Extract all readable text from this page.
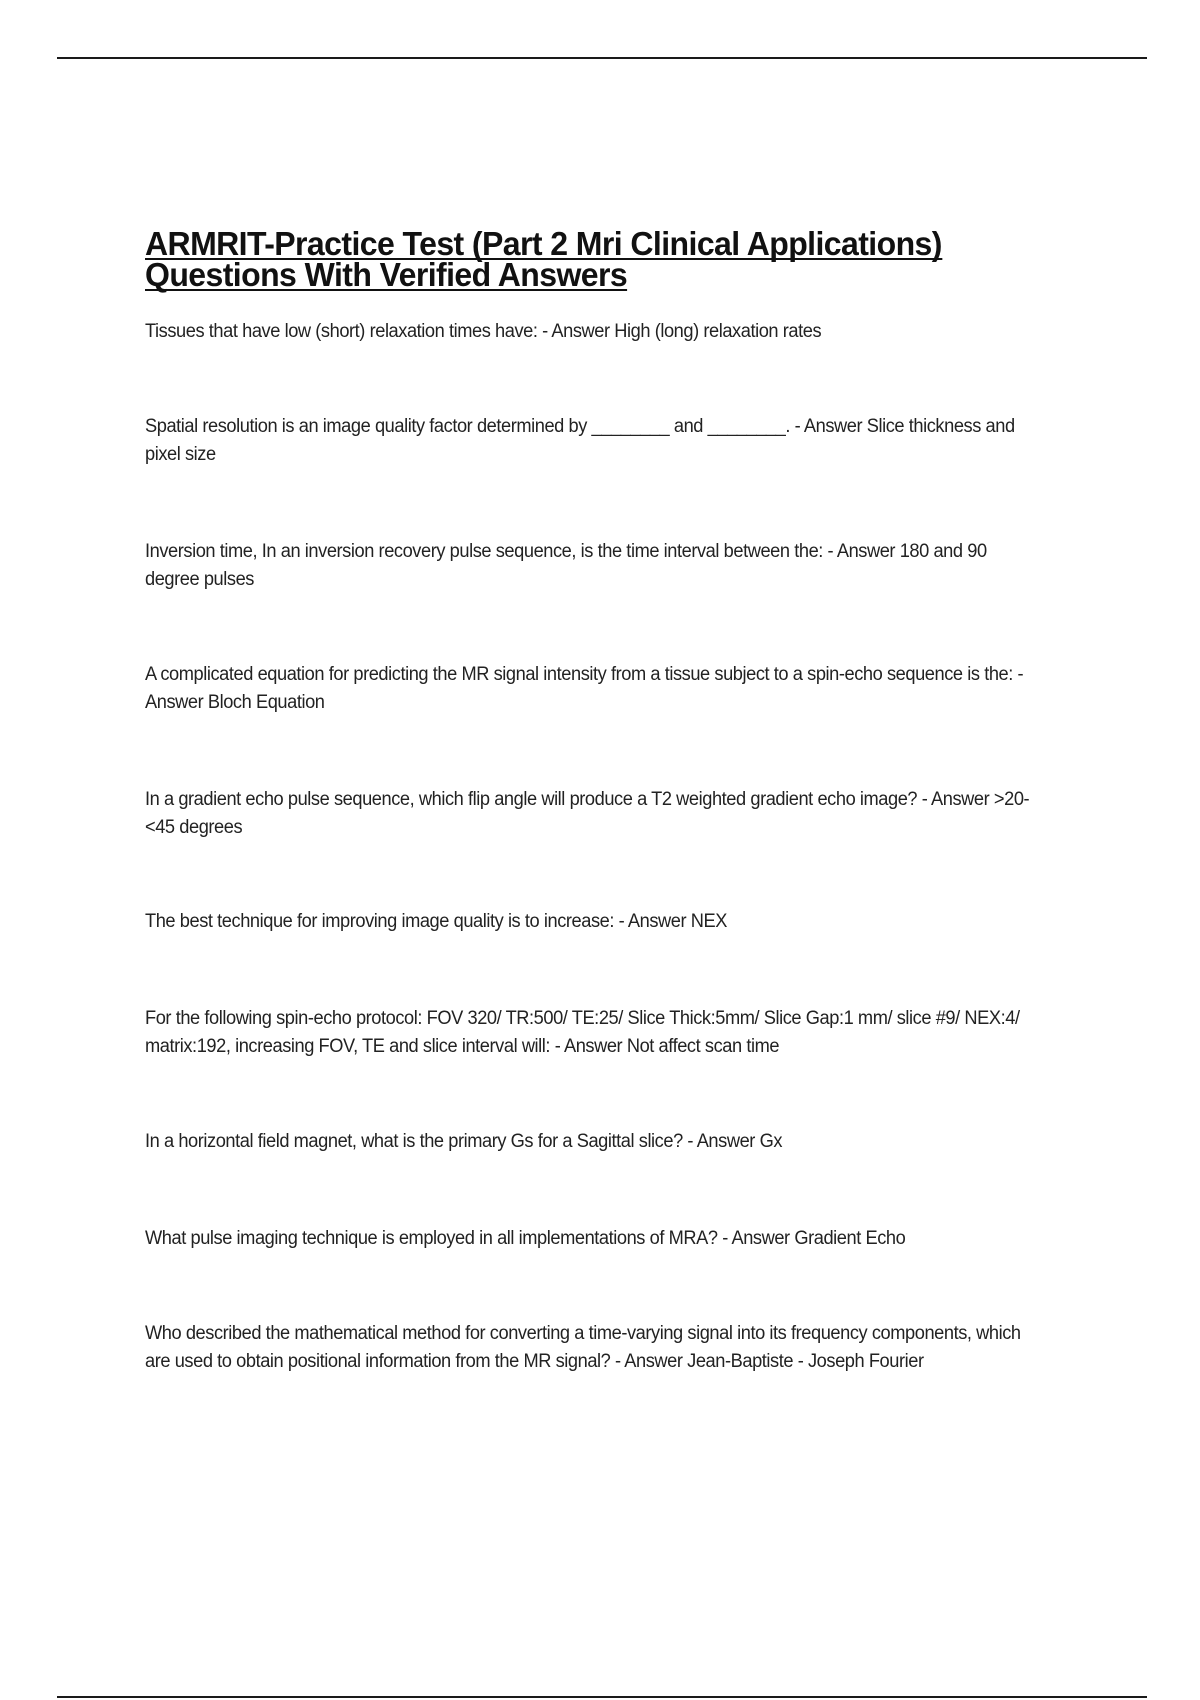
ARMRIT-Practice Test (Part 2 Mri Clinical Applications)
Questions With Verified Answers
Tissues that have low (short) relaxation times have: - Answer High (long) relaxation rates
Spatial resolution is an image quality factor determined by ________ and ________. - Answer Slice thickness and pixel size
Inversion time, In an inversion recovery pulse sequence, is the time interval between the: - Answer 180 and 90 degree pulses
A complicated equation for predicting the MR signal intensity from a tissue subject to a spin-echo sequence is the: - Answer Bloch Equation
In a gradient echo pulse sequence, which flip angle will produce a T2 weighted gradient echo image? - Answer >20-<45 degrees
The best technique for improving image quality is to increase: - Answer NEX
For the following spin-echo protocol: FOV 320/ TR:500/ TE:25/ Slice Thick:5mm/ Slice Gap:1 mm/ slice #9/ NEX:4/ matrix:192, increasing FOV, TE and slice interval will: - Answer Not affect scan time
In a horizontal field magnet, what is the primary Gs for a Sagittal slice? - Answer Gx
What pulse imaging technique is employed in all implementations of MRA? - Answer Gradient Echo
Who described the mathematical method for converting a time-varying signal into its frequency components, which are used to obtain positional information from the MR signal? - Answer Jean-Baptiste - Joseph Fourier
